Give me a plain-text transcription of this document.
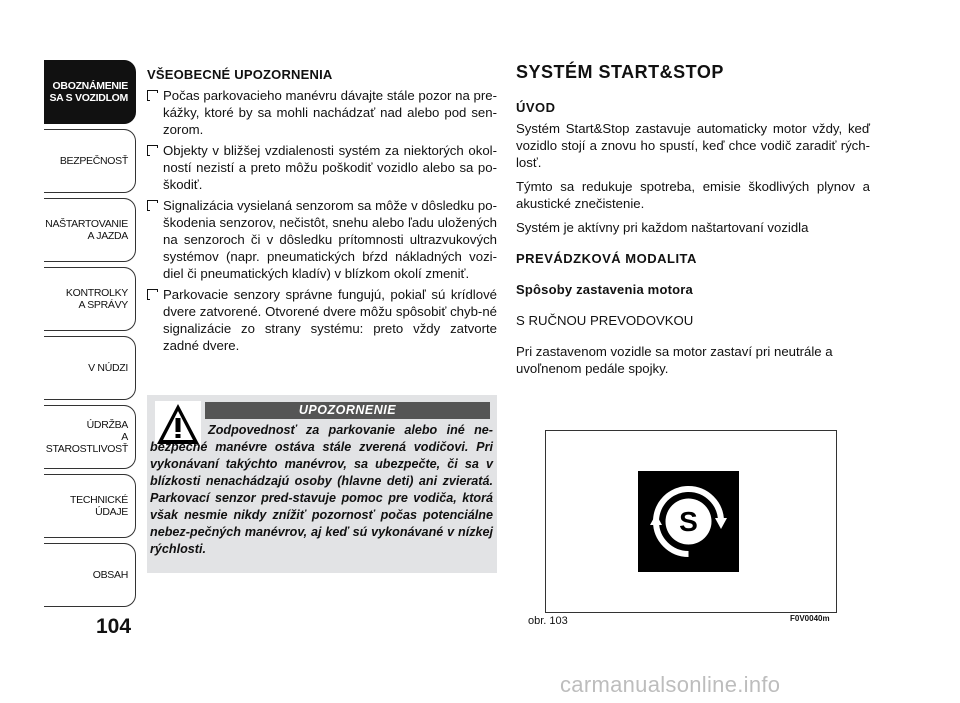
OBOZNÁMENIE
SA S VOZIDLOM
BEZPEČNOSŤ
NAŠTARTOVANIE
A JAZDA
KONTROLKY
A SPRÁVY
V NÚDZI
ÚDRŽBA
A STAROSTLIVOSŤ
TECHNICKÉ
ÚDAJE
OBSAH
104
VŠEOBECNÉ UPOZORNENIA
Počas parkovacieho manévru dávajte stále pozor na pre-kážky, ktoré by sa mohli nachádzať nad alebo pod sen-zorom.
Objekty v bližšej vzdialenosti systém za niektorých okol-ností nezistí a preto môžu poškodiť vozidlo alebo sa po-škodiť.
Signalizácia vysielaná senzorom sa môže v dôsledku po-škodenia senzorov, nečistôt, snehu alebo ľadu uložených na senzoroch či v dôsledku prítomnosti ultrazvukových systémov (napr. pneumatických bŕzd nákladných vozi-diel či pneumatických kladív) v blízkom okolí zmeniť.
Parkovacie senzory správne fungujú, pokiaľ sú krídlové dvere zatvorené. Otvorené dvere môžu spôsobiť chyb-né signalizácie zo strany systému: preto vždy zatvorte zadné dvere.
UPOZORNENIE
Zodpovednosť za parkovanie alebo iné ne-bezpečné manévre ostáva stále zverená vodičovi. Pri vykonávaní takýchto manévrov, sa ubezpečte, či sa v blízkosti nenachádzajú osoby (hlavne deti) ani zvieratá. Parkovací senzor pred-stavuje pomoc pre vodiča, ktorá však nesmie nikdy znížiť pozornosť počas potenciálne nebez-pečných manévrov, aj keď sú vykonávané v nízkej rýchlosti.
SYSTÉM START&STOP
ÚVOD
Systém Start&Stop zastavuje automaticky motor vždy, keď vozidlo stojí a znovu ho spustí, keď chce vodič zaradiť rých-losť.
Týmto sa redukuje spotreba, emisie škodlivých plynov a akustické znečistenie.
Systém je aktívny pri každom naštartovaní vozidla
PREVÁDZKOVÁ MODALITA
Spôsoby zastavenia motora
S RUČNOU PREVODOVKOU
Pri zastavenom vozidle sa motor zastaví pri neutrále a uvoľnenom pedále spojky.
S
obr. 103	F0V0040m
carmanualsonline.info
